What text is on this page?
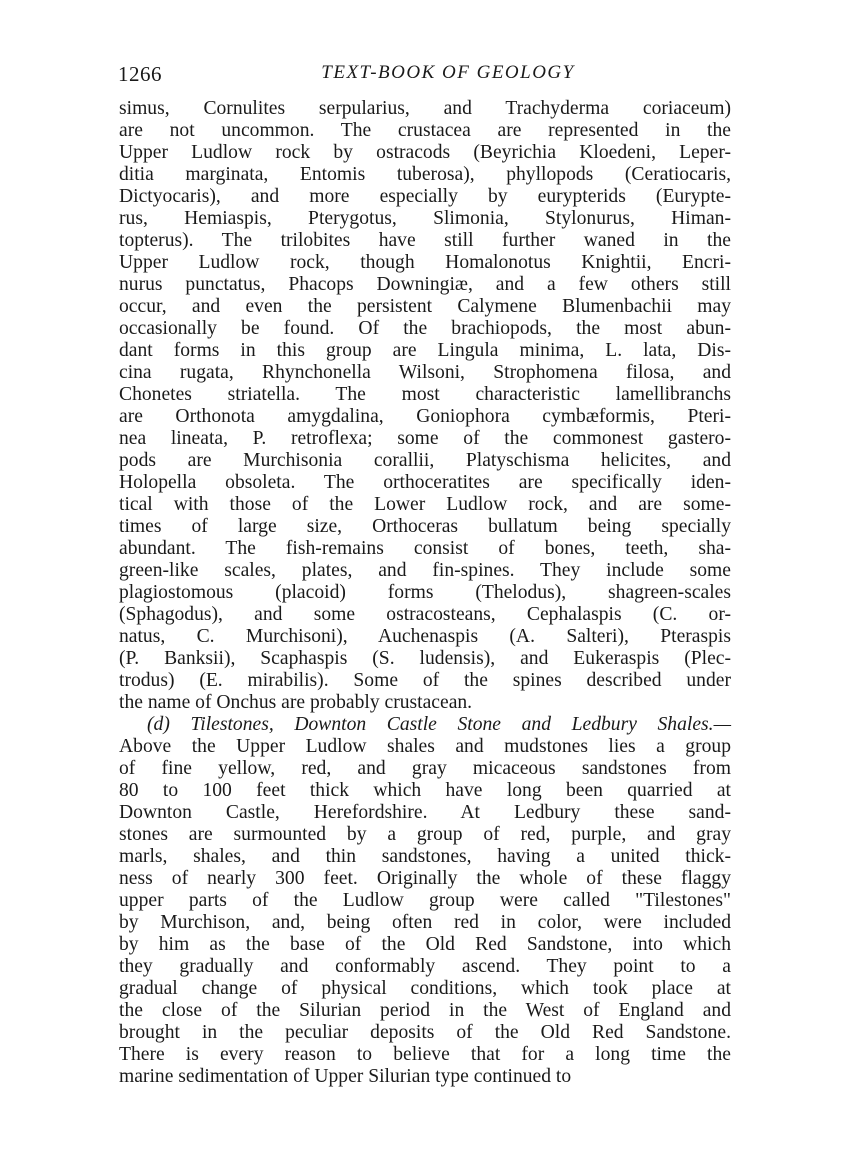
1266	TEXT-BOOK OF GEOLOGY
simus, Cornulites serpularius, and Trachyderma coriaceum)
are not uncommon. The crustacea are represented in the
Upper Ludlow rock by ostracods (Beyrichia Kloedeni, Leper-
ditia marginata, Entomis tuberosa), phyllopods (Ceratiocaris,
Dictyocaris), and more especially by eurypterids (Eurypte-
rus, Hemiaspis, Pterygotus, Slimonia, Stylonurus, Himan-
topterus). The trilobites have still further waned in the
Upper Ludlow rock, though Homalonotus Knightii, Encri-
nurus punctatus, Phacops Downingiæ, and a few others still
occur, and even the persistent Calymene Blumenbachii may
occasionally be found. Of the brachiopods, the most abun-
dant forms in this group are Lingula minima, L. lata, Dis-
cina rugata, Rhynchonella Wilsoni, Strophomena filosa, and
Chonetes striatella. The most characteristic lamellibranchs
are Orthonota amygdalina, Goniophora cymbæformis, Pteri-
nea lineata, P. retroflexa; some of the commonest gastero-
pods are Murchisonia corallii, Platyschisma helicites, and
Holopella obsoleta. The orthoceratites are specifically iden-
tical with those of the Lower Ludlow rock, and are some-
times of large size, Orthoceras bullatum being specially
abundant. The fish-remains consist of bones, teeth, sha-
green-like scales, plates, and fin-spines. They include some
plagiostomous (placoid) forms (Thelodus), shagreen-scales
(Sphagodus), and some ostracosteans, Cephalaspis (C. or-
natus, C. Murchisoni), Auchenaspis (A. Salteri), Pteraspis
(P. Banksii), Scaphaspis (S. ludensis), and Eukeraspis (Plec-
trodus) (E. mirabilis). Some of the spines described under
the name of Onchus are probably crustacean.
(d) Tilestones, Downton Castle Stone and Ledbury Shales.—
Above the Upper Ludlow shales and mudstones lies a group
of fine yellow, red, and gray micaceous sandstones from
80 to 100 feet thick which have long been quarried at
Downton Castle, Herefordshire. At Ledbury these sand-
stones are surmounted by a group of red, purple, and gray
marls, shales, and thin sandstones, having a united thick-
ness of nearly 300 feet. Originally the whole of these flaggy
upper parts of the Ludlow group were called "Tilestones"
by Murchison, and, being often red in color, were included
by him as the base of the Old Red Sandstone, into which
they gradually and conformably ascend. They point to a
gradual change of physical conditions, which took place at
the close of the Silurian period in the West of England and
brought in the peculiar deposits of the Old Red Sandstone.
There is every reason to believe that for a long time the
marine sedimentation of Upper Silurian type continued to
